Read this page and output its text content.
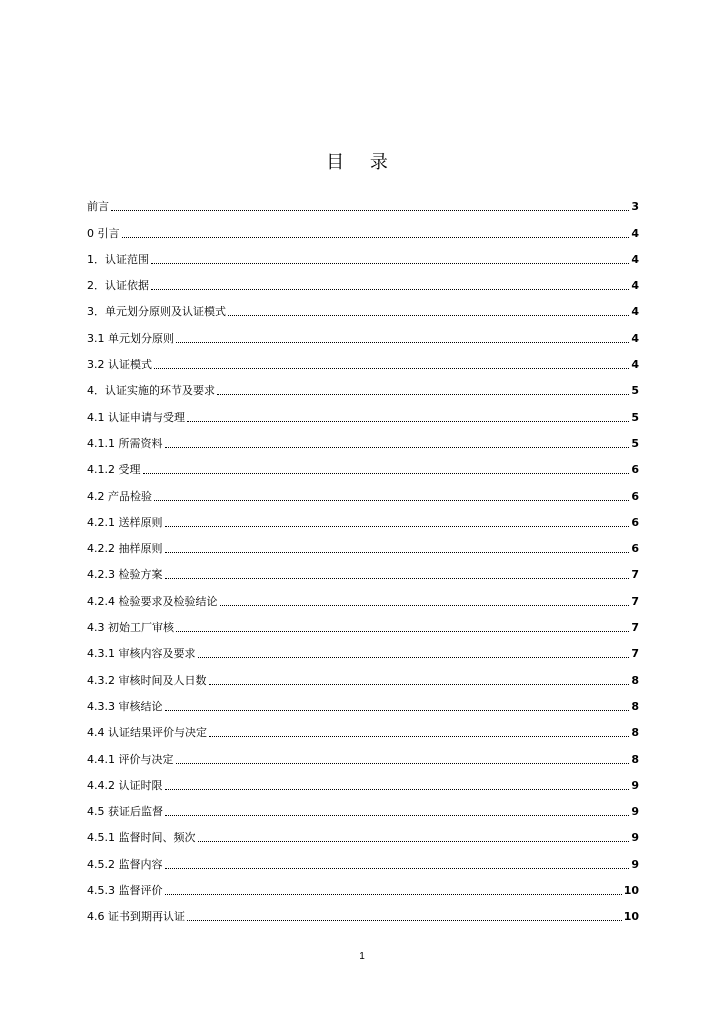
目 录
前言	3
0 引言	4
1．认证范围	4
2．认证依据	4
3．单元划分原则及认证模式	4
3.1 单元划分原则	4
3.2 认证模式	4
4．认证实施的环节及要求	5
4.1 认证申请与受理	5
4.1.1 所需资料	5
4.1.2 受理	6
4.2 产品检验	6
4.2.1 送样原则	6
4.2.2 抽样原则	6
4.2.3 检验方案	7
4.2.4 检验要求及检验结论	7
4.3 初始工厂审核	7
4.3.1 审核内容及要求	7
4.3.2 审核时间及人日数	8
4.3.3 审核结论	8
4.4 认证结果评价与决定	8
4.4.1 评价与决定	8
4.4.2 认证时限	9
4.5 获证后监督	9
4.5.1 监督时间、频次	9
4.5.2 监督内容	9
4.5.3 监督评价	10
4.6 证书到期再认证	10
1
